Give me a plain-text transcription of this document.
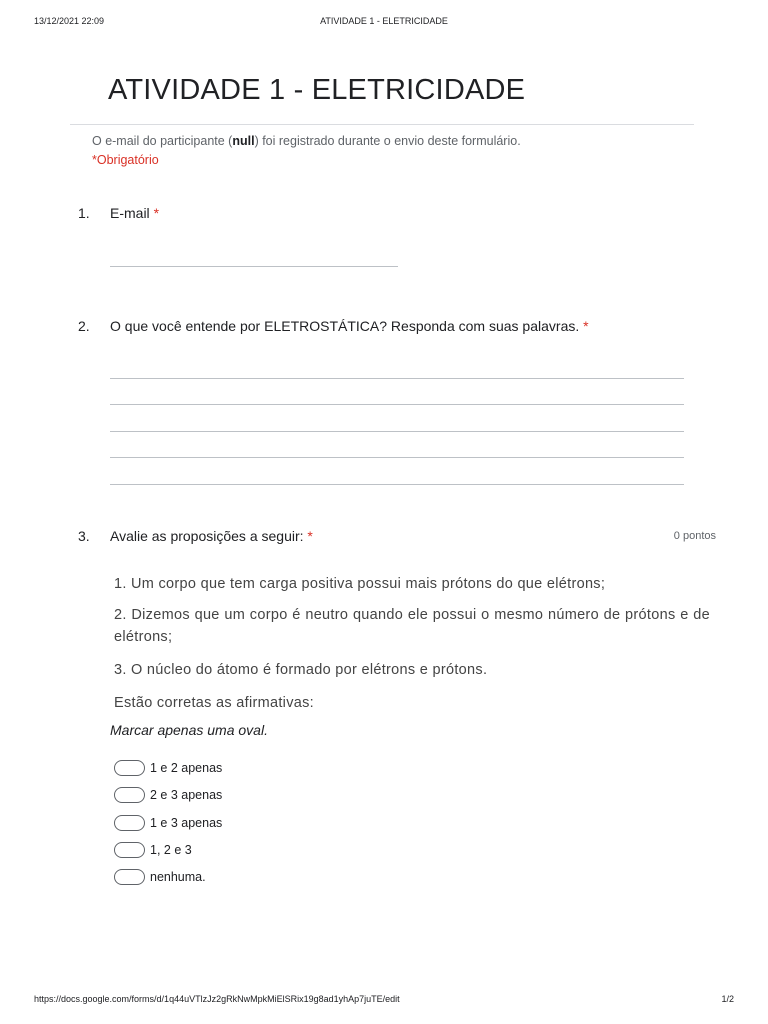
13/12/2021 22:09	ATIVIDADE 1 - ELETRICIDADE
ATIVIDADE 1 - ELETRICIDADE
O e-mail do participante (null) foi registrado durante o envio deste formulário.
*Obrigatório
1. E-mail *
2. O que você entende por ELETROSTÁTICA? Responda com suas palavras. *
3. Avalie as proposições a seguir: *	0 pontos
1. Um corpo que tem carga positiva possui mais prótons do que elétrons;
2. Dizemos que um corpo é neutro quando ele possui o mesmo número de prótons e de elétrons;
3. O núcleo do átomo é formado por elétrons e prótons.
Estão corretas as afirmativas:
Marcar apenas uma oval.
1 e 2 apenas
2 e 3 apenas
1 e 3 apenas
1, 2 e 3
nenhuma.
https://docs.google.com/forms/d/1q44uVTlzJz2gRkNwMpkMiElSRix19g8ad1yhAp7juTE/edit	1/2
